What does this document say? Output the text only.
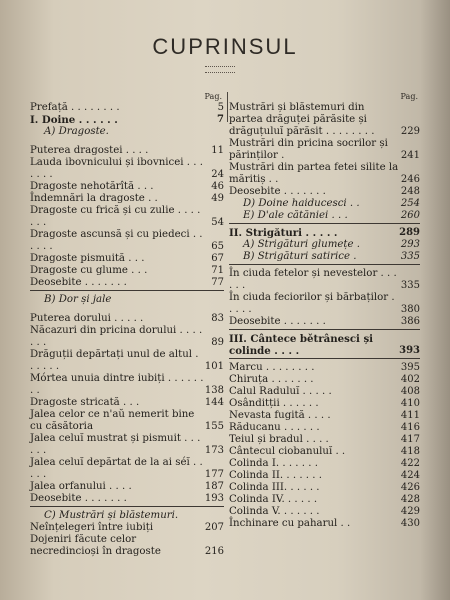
CUPRINSUL
Pag.
Prefață . . . . . . . .	5
I. Doine . . . . . .	7
A) Dragoste.
Puterea dragostei . . . .	11
Lauda ibovnicului și ibovnicei . . . . . . .	24
Dragoste nehotărîtă . . .	46
Îndemnări la dragoste . .	49
Dragoste cu frică și cu zulie . . . . . . .	54
Dragoste ascunsă și cu piedeci . . . . . .	65
Dragoste pismuită . . .	67
Dragoste cu glume . . .	71
Deosebite . . . . . . .	77
B) Dor și jale
Puterea dorului . . . . .	83
Năcazuri din pricina dorului . . . . . . .	89
Drăguții depărtați unul de altul . . . . . .	101
Mórtea unuia dintre iubiți . . . . . . . .	138
Dragoste stricată . . .	144
Jalea celor ce n'aŭ nemerit bine cu căsătoria	155
Jalea celuĭ mustrat și pismuit . . . . . .	173
Jalea celuĭ depărtat de la ai séĭ . . . . .	177
Jalea orfanului . . . .	187
Deosebite . . . . . . .	193
C) Mustrări și blăstemuri.
Neînțelegeri între iubiți	207
Dojeniri făcute celor necredincioși în dragoste	216
Pag.
Mustrări și blăstemuri din partea drăguței părăsite și drăguțuluĭ părăsit . . . . . . . .	229
Mustrări din pricina socrilor și părinților .	241
Mustrări din partea fetei silite la măritiș . .	246
Deosebite . . . . . . .	248
D) Doine haiducesci . .	254
E) D'ale cătăniei . . .	260
II. Strigături . . . . .	289
A) Strigături glumețe .	293
B) Strigături satirice .	335
În ciuda fetelor și nevestelor . . . . . .	335
În ciuda feciorilor și bărbaților . . . . .	380
Deosebite . . . . . . .	386
III. Cântece bětrânesci și colinde . . . .	393
Marcu . . . . . . . .	395
Chiruța . . . . . . .	402
Calul Raduluĭ . . . . .	408
Osânditții . . . . . .	410
Nevasta fugită . . . .	411
Răducanu . . . . . .	416
Teiul și bradul . . . .	417
Cântecul ciobanuluĭ . .	418
Colinda I. . . . . . .	422
Colinda II. . . . . . .	424
Colinda III. . . . . .	426
Colinda IV. . . . . .	428
Colinda V. . . . . . .	429
Închinare cu paharul . .	430
